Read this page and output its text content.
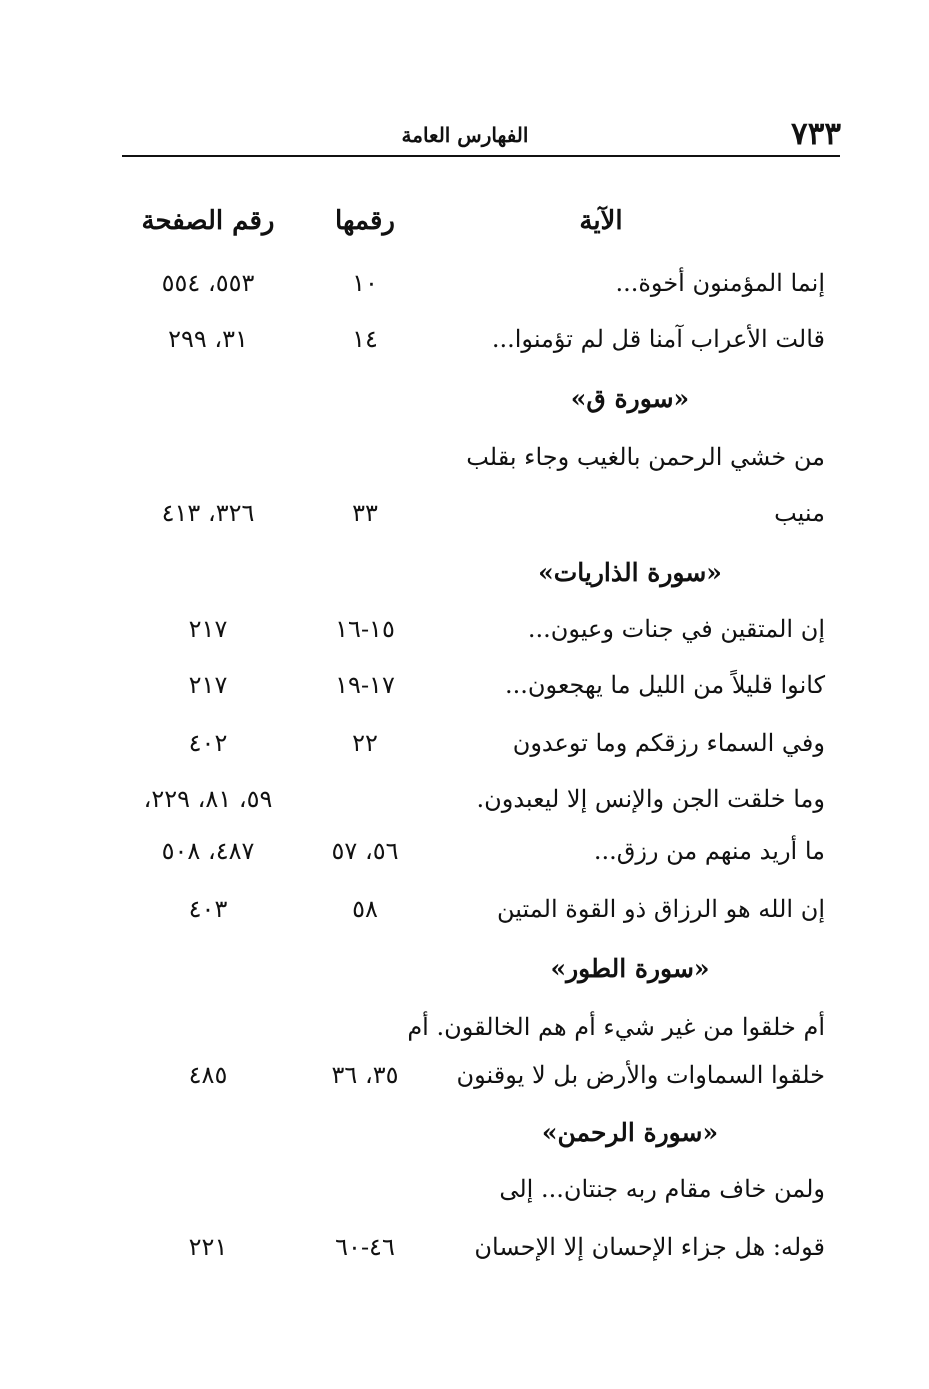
٧٣٣
الفهارس العامة
الآية
رقمها
رقم الصفحة
إنما المؤمنون أخوة...
١٠
٥٥٣، ٥٥٤
قالت الأعراب آمنا قل لم تؤمنوا...
١٤
٣١، ٢٩٩
«سورة ق»
من خشي الرحمن بالغيب وجاء بقلب
منيب
٣٣
٣٢٦، ٤١٣
«سورة الذاريات»
إن المتقين في جنات وعيون...
١٥-١٦
٢١٧
كانوا قليلاً من الليل ما يهجعون...
١٧-١٩
٢١٧
وفي السماء رزقكم وما توعدون
٢٢
٤٠٢
وما خلقت الجن والإنس إلا ليعبدون.
٥٩، ٨١، ٢٢٩،
ما أريد منهم من رزق...
٥٦، ٥٧
٤٨٧، ٥٠٨
إن الله هو الرزاق ذو القوة المتين
٥٨
٤٠٣
«سورة الطور»
أم خلقوا من غير شيء أم هم الخالقون. أم
خلقوا السماوات والأرض بل لا يوقنون
٣٥، ٣٦
٤٨٥
«سورة الرحمن»
ولمن خاف مقام ربه جنتان... إلى
قوله: هل جزاء الإحسان إلا الإحسان
٤٦-٦٠
٢٢١
